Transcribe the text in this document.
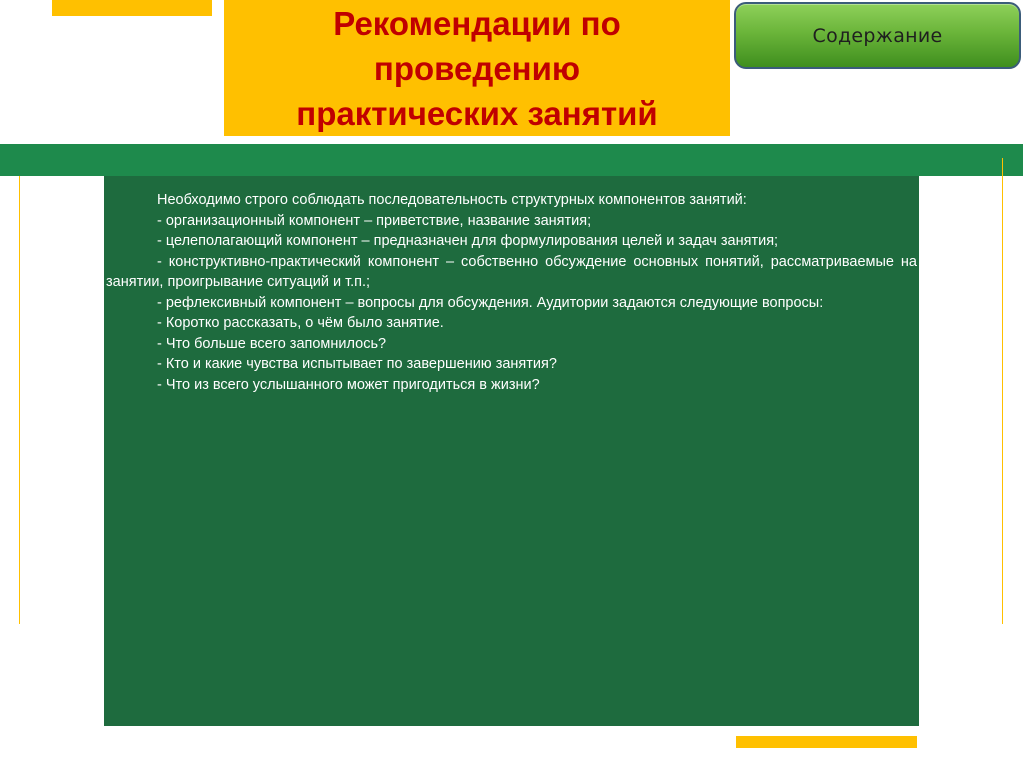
Рекомендации по
проведению
практических занятий
Содержание

Необходимо строго соблюдать последовательность структурных компонентов занятий:

- организационный компонент – приветствие, название занятия;

- целеполагающий компонент – предназначен для формулирования целей и задач занятия;

- конструктивно-практический компонент – собственно обсуждение основных понятий, рассматриваемые на занятии, проигрывание ситуаций и т.п.;

- рефлексивный компонент – вопросы для обсуждения. Аудитории задаются следующие вопросы:

- Коротко рассказать, о чём было занятие.

- Что больше всего запомнилось?

- Кто и какие чувства испытывает по завершению занятия?

- Что из всего услышанного может пригодиться в жизни?
